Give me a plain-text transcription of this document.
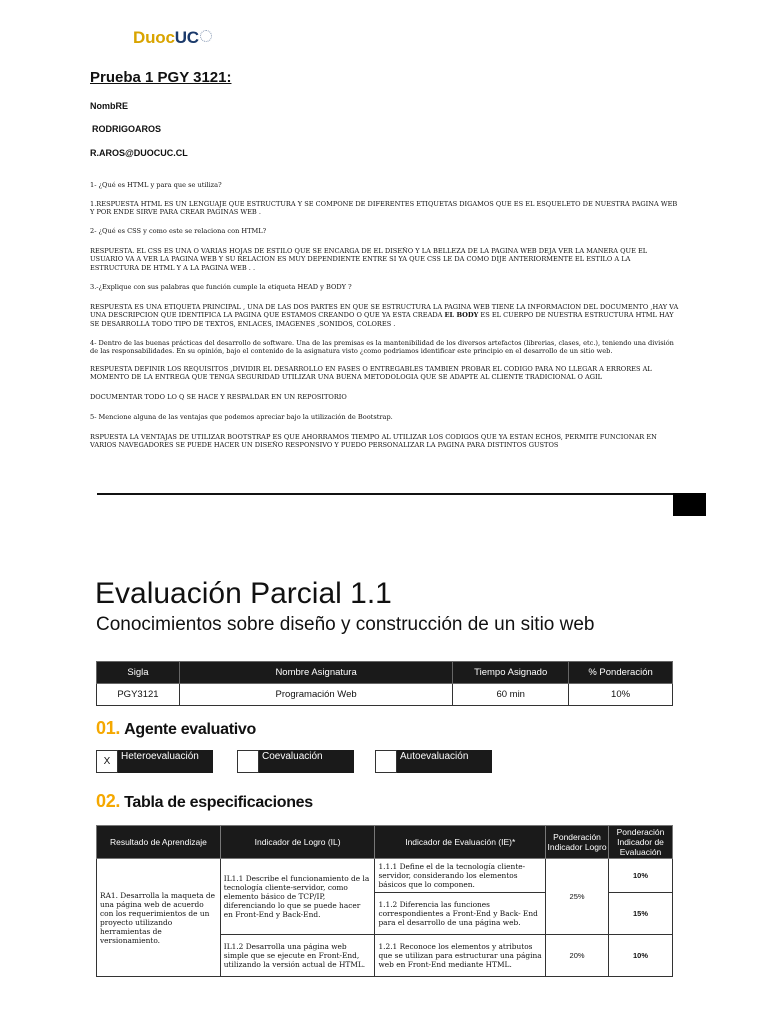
DuocUC
Prueba 1 PGY 3121:
NombRE
RODRIGOAROS
R.AROS@DUOCUC.CL
1- ¿Qué es HTML y para que se utiliza?
1.RESPUESTA HTML ES UN LENGUAJE QUE ESTRUCTURA Y SE COMPONE DE DIFERENTES ETIQUETAS DIGAMOS QUE ES EL ESQUELETO DE NUESTRA PAGINA WEB Y POR ENDE SIRVE PARA CREAR PAGINAS WEB .
2- ¿Qué es CSS y como este se relaciona con HTML?
RESPUESTA. EL CSS ES UNA O VARIAS HOJAS DE ESTILO QUE SE ENCARGA DE EL DISEÑO Y LA BELLEZA DE LA PAGINA WEB DEJA VER LA MANERA QUE EL USUARIO VA A VER LA PAGINA WEB Y SU RELACION ES MUY DEPENDIENTE ENTRE SI YA QUE CSS LE DA COMO DIJE ANTERIORMENTE EL ESTILO A LA ESTRUCTURA DE HTML Y A LA PAGINA WEB . .
3.-¿Explique con sus palabras que función cumple la etiqueta HEAD y BODY ?
RESPUESTA ES UNA ETIQUETA PRINCIPAL , UNA DE LAS DOS PARTES EN QUE SE ESTRUCTURA LA PAGINA WEB TIENE LA INFORMACION DEL DOCUMENTO ,HAY VA UNA DESCRIPCION QUE IDENTIFICA LA PAGINA QUE ESTAMOS CREANDO O QUE YA ESTA CREADA EL BODY ES EL CUERPO DE NUESTRA ESTRUCTURA HTML HAY SE DESARROLLA TODO TIPO DE TEXTOS, ENLACES, IMAGENES ,SONIDOS, COLORES .
4- Dentro de las buenas prácticas del desarrollo de software. Una de las premisas es la mantenibilidad de los diversos artefactos (librerias, clases, etc.), teniendo una división de las responsabilidades. En su opinión, bajo el contenido de la asignatura visto ¿como podriamos identificar este principio en el desarrollo de un sitio web.
RESPUESTA DEFINIR LOS REQUISITOS ,DIVIDIR EL DESARROLLO EN FASES O ENTREGABLES TAMBIEN PROBAR EL CODIGO PARA NO LLEGAR A ERRORES AL MOMENTO DE LA ENTREGA QUE TENGA SEGURIDAD UTILIZAR UNA BUENA METODOLOGIA QUE SE ADAPTE AL CLIENTE TRADICIONAL O AGIL
DOCUMENTAR TODO LO Q SE HACE Y RESPALDAR EN UN REPOSITORIO
5- Mencione alguna de las ventajas que podemos apreciar bajo la utilización de Bootstrap.
RSPUESTA LA VENTAJAS DE UTILIZAR BOOTSTRAP ES QUE AHORRAMOS TIEMPO AL UTILIZAR LOS CODIGOS QUE YA ESTAN ECHOS, PERMITE FUNCIONAR EN VARIOS NAVEGADORES SE PUEDE HACER UN DISEÑO RESPONSIVO Y PUEDO PERSONALIZAR LA PAGINA PARA DISTINTOS GUSTOS
Evaluación Parcial 1.1
Conocimientos sobre diseño y construcción de un sitio web
Sigla	Nombre Asignatura	Tiempo Asignado	% Ponderación
PGY3121	Programación Web	60 min	10%
01. Agente evaluativo
X	Heteroevaluación	Coevaluación	Autoevaluación
02. Tabla de especificaciones
Resultado de Aprendizaje	Indicador de Logro (IL)	Indicador de Evaluación (IE)*	Ponderación Indicador Logro	Ponderación Indicador de Evaluación
RA1. Desarrolla la maqueta de una página web de acuerdo con los requerimientos de un proyecto utilizando herramientas de versionamiento.	IL1.1 Describe el funcionamiento de la tecnología cliente-servidor, como elemento básico de TCP/IP, diferenciando lo que se puede hacer en Front-End y Back-End.	1.1.1 Define el de la tecnología cliente-servidor, considerando los elementos básicos que lo componen.	25%	10%
		1.1.2 Diferencia las funciones correspondientes a Front-End y Back- End para el desarrollo de una página web.		15%
	IL1.2 Desarrolla una página web simple que se ejecute en Front-End, utilizando la versión actual de HTML.	1.2.1 Reconoce los elementos y atributos que se utilizan para estructurar una página web en Front-End mediante HTML.	20%	10%
